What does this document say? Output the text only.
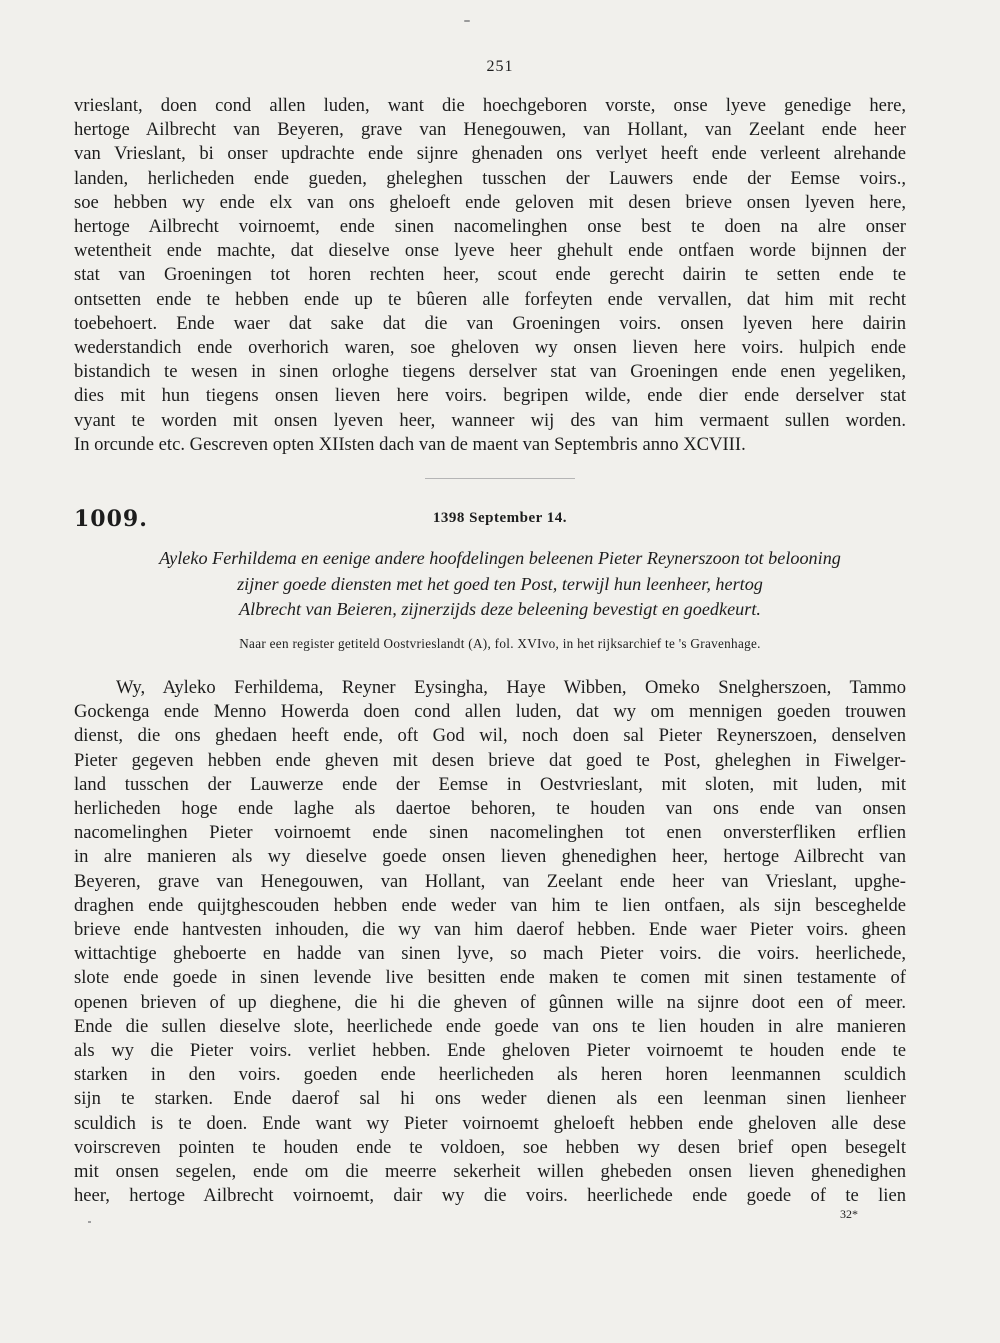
251
vrieslant, doen cond allen luden, want die hoechgeboren vorste, onse lyeve genedige here,
hertoge Ailbrecht van Beyeren, grave van Henegouwen, van Hollant, van Zeelant ende heer
van Vrieslant, bi onser updrachte ende sijnre ghenaden ons verlyet heeft ende verleent alrehande
landen, herlicheden ende gueden, gheleghen tusschen der Lauwers ende der Eemse voirs.,
soe hebben wy ende elx van ons gheloeft ende geloven mit desen brieve onsen lyeven here,
hertoge Ailbrecht voirnoemt, ende sinen nacomelinghen onse best te doen na alre onser
wetentheit ende machte, dat dieselve onse lyeve heer ghehult ende ontfaen worde bijnnen der
stat van Groeningen tot horen rechten heer, scout ende gerecht dairin te setten ende te
ontsetten ende te hebben ende up te bûeren alle forfeyten ende vervallen, dat him mit recht
toebehoert. Ende waer dat sake dat die van Groeningen voirs. onsen lyeven here dairin
wederstandich ende overhorich waren, soe gheloven wy onsen lieven here voirs. hulpich ende
bistandich te wesen in sinen orloghe tiegens derselver stat van Groeningen ende enen yegeliken,
dies mit hun tiegens onsen lieven here voirs. begripen wilde, ende dier ende derselver stat
vyant te worden mit onsen lyeven heer, wanneer wij des van him vermaent sullen worden.
In orcunde etc. Gescreven opten XIIsten dach van de maent van Septembris anno XCVIII.
1009.	1398 September 14.
Ayleko Ferhildema en eenige andere hoofdelingen beleenen Pieter Reynerszoon tot belooning
zijner goede diensten met het goed ten Post, terwijl hun leenheer, hertog
Albrecht van Beieren, zijnerzijds deze beleening bevestigt en goedkeurt.
Naar een register getiteld Oostvrieslandt (A), fol. XVIvo, in het rijksarchief te 's Gravenhage.
Wy, Ayleko Ferhildema, Reyner Eysingha, Haye Wibben, Omeko Snelgherszoen, Tammo
Gockenga ende Menno Howerda doen cond allen luden, dat wy om mennigen goeden trouwen
dienst, die ons ghedaen heeft ende, oft God wil, noch doen sal Pieter Reynerszoen, denselven
Pieter gegeven hebben ende gheven mit desen brieve dat goed te Post, gheleghen in Fiwelger-
land tusschen der Lauwerze ende der Eemse in Oestvrieslant, mit sloten, mit luden, mit
herlicheden hoge ende laghe als daertoe behoren, te houden van ons ende van onsen
nacomelinghen Pieter voirnoemt ende sinen nacomelinghen tot enen onversterfliken erflien
in alre manieren als wy dieselve goede onsen lieven ghenedighen heer, hertoge Ailbrecht van
Beyeren, grave van Henegouwen, van Hollant, van Zeelant ende heer van Vrieslant, upghe-
draghen ende quijtghescouden hebben ende weder van him te lien ontfaen, als sijn besceghelde
brieve ende hantvesten inhouden, die wy van him daerof hebben. Ende waer Pieter voirs. gheen
wittachtige gheboerte en hadde van sinen lyve, so mach Pieter voirs. die voirs. heerlichede,
slote ende goede in sinen levende live besitten ende maken te comen mit sinen testamente of
openen brieven of up dieghene, die hi die gheven of gûnnen wille na sijnre doot een of meer.
Ende die sullen dieselve slote, heerlichede ende goede van ons te lien houden in alre manieren
als wy die Pieter voirs. verliet hebben. Ende gheloven Pieter voirnoemt te houden ende te
starken in den voirs. goeden ende heerlicheden als heren horen leenmannen sculdich
sijn te starken. Ende daerof sal hi ons weder dienen als een leenman sinen lienheer
sculdich is te doen. Ende want wy Pieter voirnoemt gheloeft hebben ende gheloven alle dese
voirscreven pointen te houden ende te voldoen, soe hebben wy desen brief open besegelt
mit onsen segelen, ende om die meerre sekerheit willen ghebeden onsen lieven ghenedighen
heer, hertoge Ailbrecht voirnoemt, dair wy die voirs. heerlichede ende goede of te lien
32*
